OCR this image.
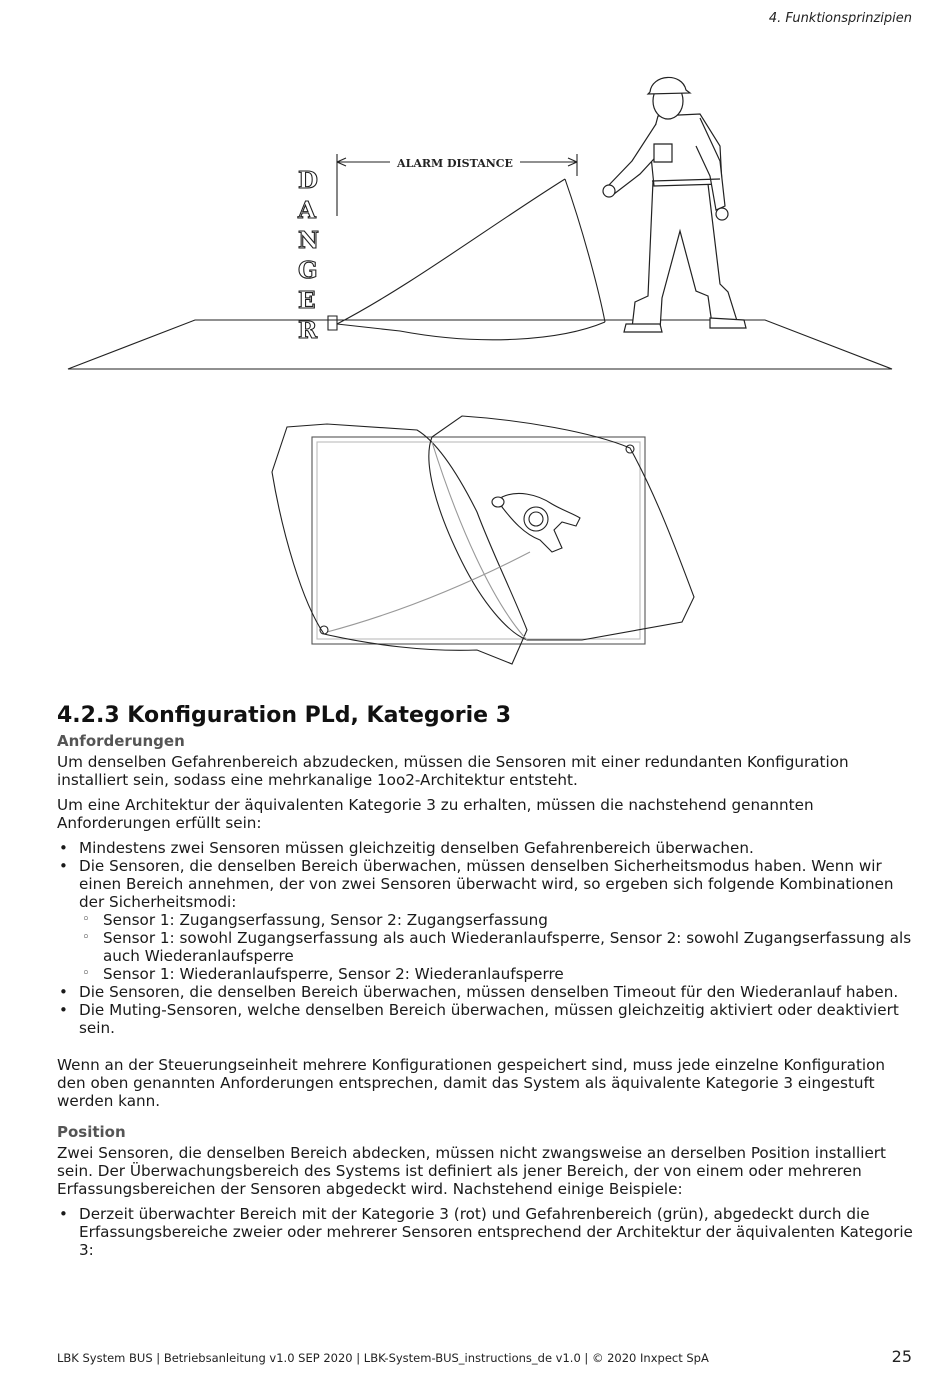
4. Funktionsprinzipien
ALARM DISTANCE
D
A
N
G
E
R
4.2.3 Konfiguration PLd, Kategorie 3
Anforderungen

Um denselben Gefahrenbereich abzudecken, müssen die Sensoren mit einer redundanten Konfiguration installiert sein, sodass eine mehrkanalige 1oo2-Architektur entsteht.

Um eine Architektur der äquivalenten Kategorie 3 zu erhalten, müssen die nachstehend genannten Anforderungen erfüllt sein:

• Mindestens zwei Sensoren müssen gleichzeitig denselben Gefahrenbereich überwachen.
• Die Sensoren, die denselben Bereich überwachen, müssen denselben Sicherheitsmodus haben. Wenn wir einen Bereich annehmen, der von zwei Sensoren überwacht wird, so ergeben sich folgende Kombinationen der Sicherheitsmodi:
◦ Sensor 1: Zugangserfassung, Sensor 2: Zugangserfassung
◦ Sensor 1: sowohl Zugangserfassung als auch Wiederanlaufsperre, Sensor 2: sowohl Zugangserfassung als auch Wiederanlaufsperre
◦ Sensor 1: Wiederanlaufsperre, Sensor 2: Wiederanlaufsperre
• Die Sensoren, die denselben Bereich überwachen, müssen denselben Timeout für den Wiederanlauf haben.
• Die Muting-Sensoren, welche denselben Bereich überwachen, müssen gleichzeitig aktiviert oder deaktiviert sein.

Wenn an der Steuerungseinheit mehrere Konfigurationen gespeichert sind, muss jede einzelne Konfiguration den oben genannten Anforderungen entsprechen, damit das System als äquivalente Kategorie 3 eingestuft werden kann.

Position

Zwei Sensoren, die denselben Bereich abdecken, müssen nicht zwangsweise an derselben Position installiert sein. Der Überwachungsbereich des Systems ist definiert als jener Bereich, der von einem oder mehreren Erfassungsbereichen der Sensoren abgedeckt wird. Nachstehend einige Beispiele:

• Derzeit überwachter Bereich mit der Kategorie 3 (rot) und Gefahrenbereich (grün), abgedeckt durch die Erfassungsbereiche zweier oder mehrerer Sensoren entsprechend der Architektur der äquivalenten Kategorie 3:
LBK System BUS | Betriebsanleitung v1.0 SEP 2020 | LBK-System-BUS_instructions_de v1.0 | © 2020 Inxpect SpA	25
